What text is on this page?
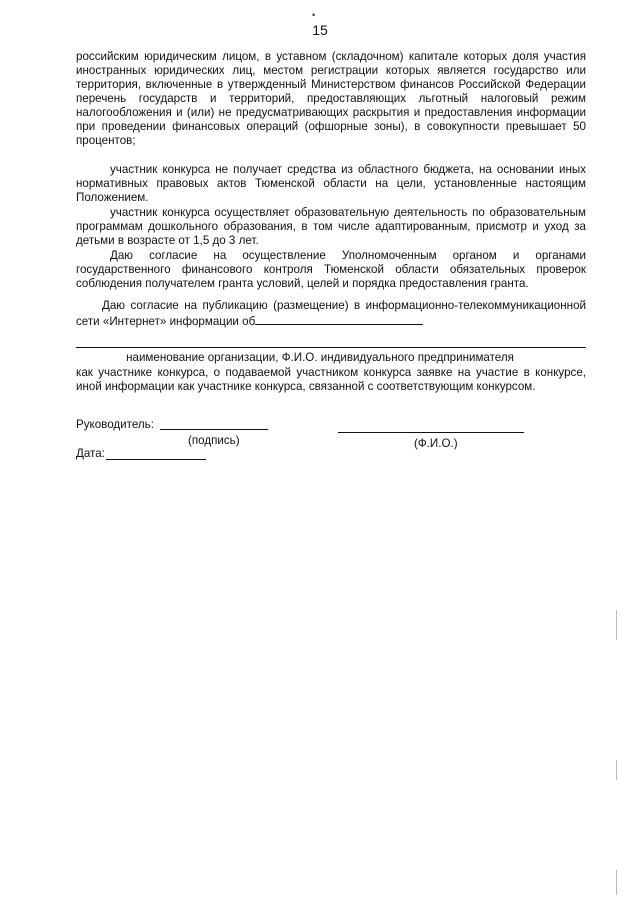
•
15
российским юридическим лицом, в уставном (складочном) капитале которых доля участия иностранных юридических лиц, местом регистрации которых является государство или территория, включенные в утвержденный Министерством финансов Российской Федерации перечень государств и территорий, предоставляющих льготный налоговый режим налогообложения и (или) не предусматривающих раскрытия и предоставления информации при проведении финансовых операций (офшорные зоны), в совокупности превышает 50 процентов;
участник конкурса не получает средства из областного бюджета, на основании иных нормативных правовых актов Тюменской области на цели, установленные настоящим Положением.
участник конкурса осуществляет образовательную деятельность по образовательным программам дошкольного образования, в том числе адаптированным, присмотр и уход за детьми в возрасте от 1,5 до 3 лет.
Даю согласие на осуществление Уполномоченным органом и органами государственного финансового контроля Тюменской области обязательных проверок соблюдения получателем гранта условий, целей и порядка предоставления гранта.
Даю согласие на публикацию (размещение) в информационно-телекоммуникационной сети «Интернет» информации об
наименование организации, Ф.И.О. индивидуального предпринимателя
как участнике конкурса, о подаваемой участником конкурса заявке на участие в конкурсе, иной информации как участнике конкурса, связанной с соответствующим конкурсом.
Руководитель:
(подпись)	(Ф.И.О.)
Дата:
